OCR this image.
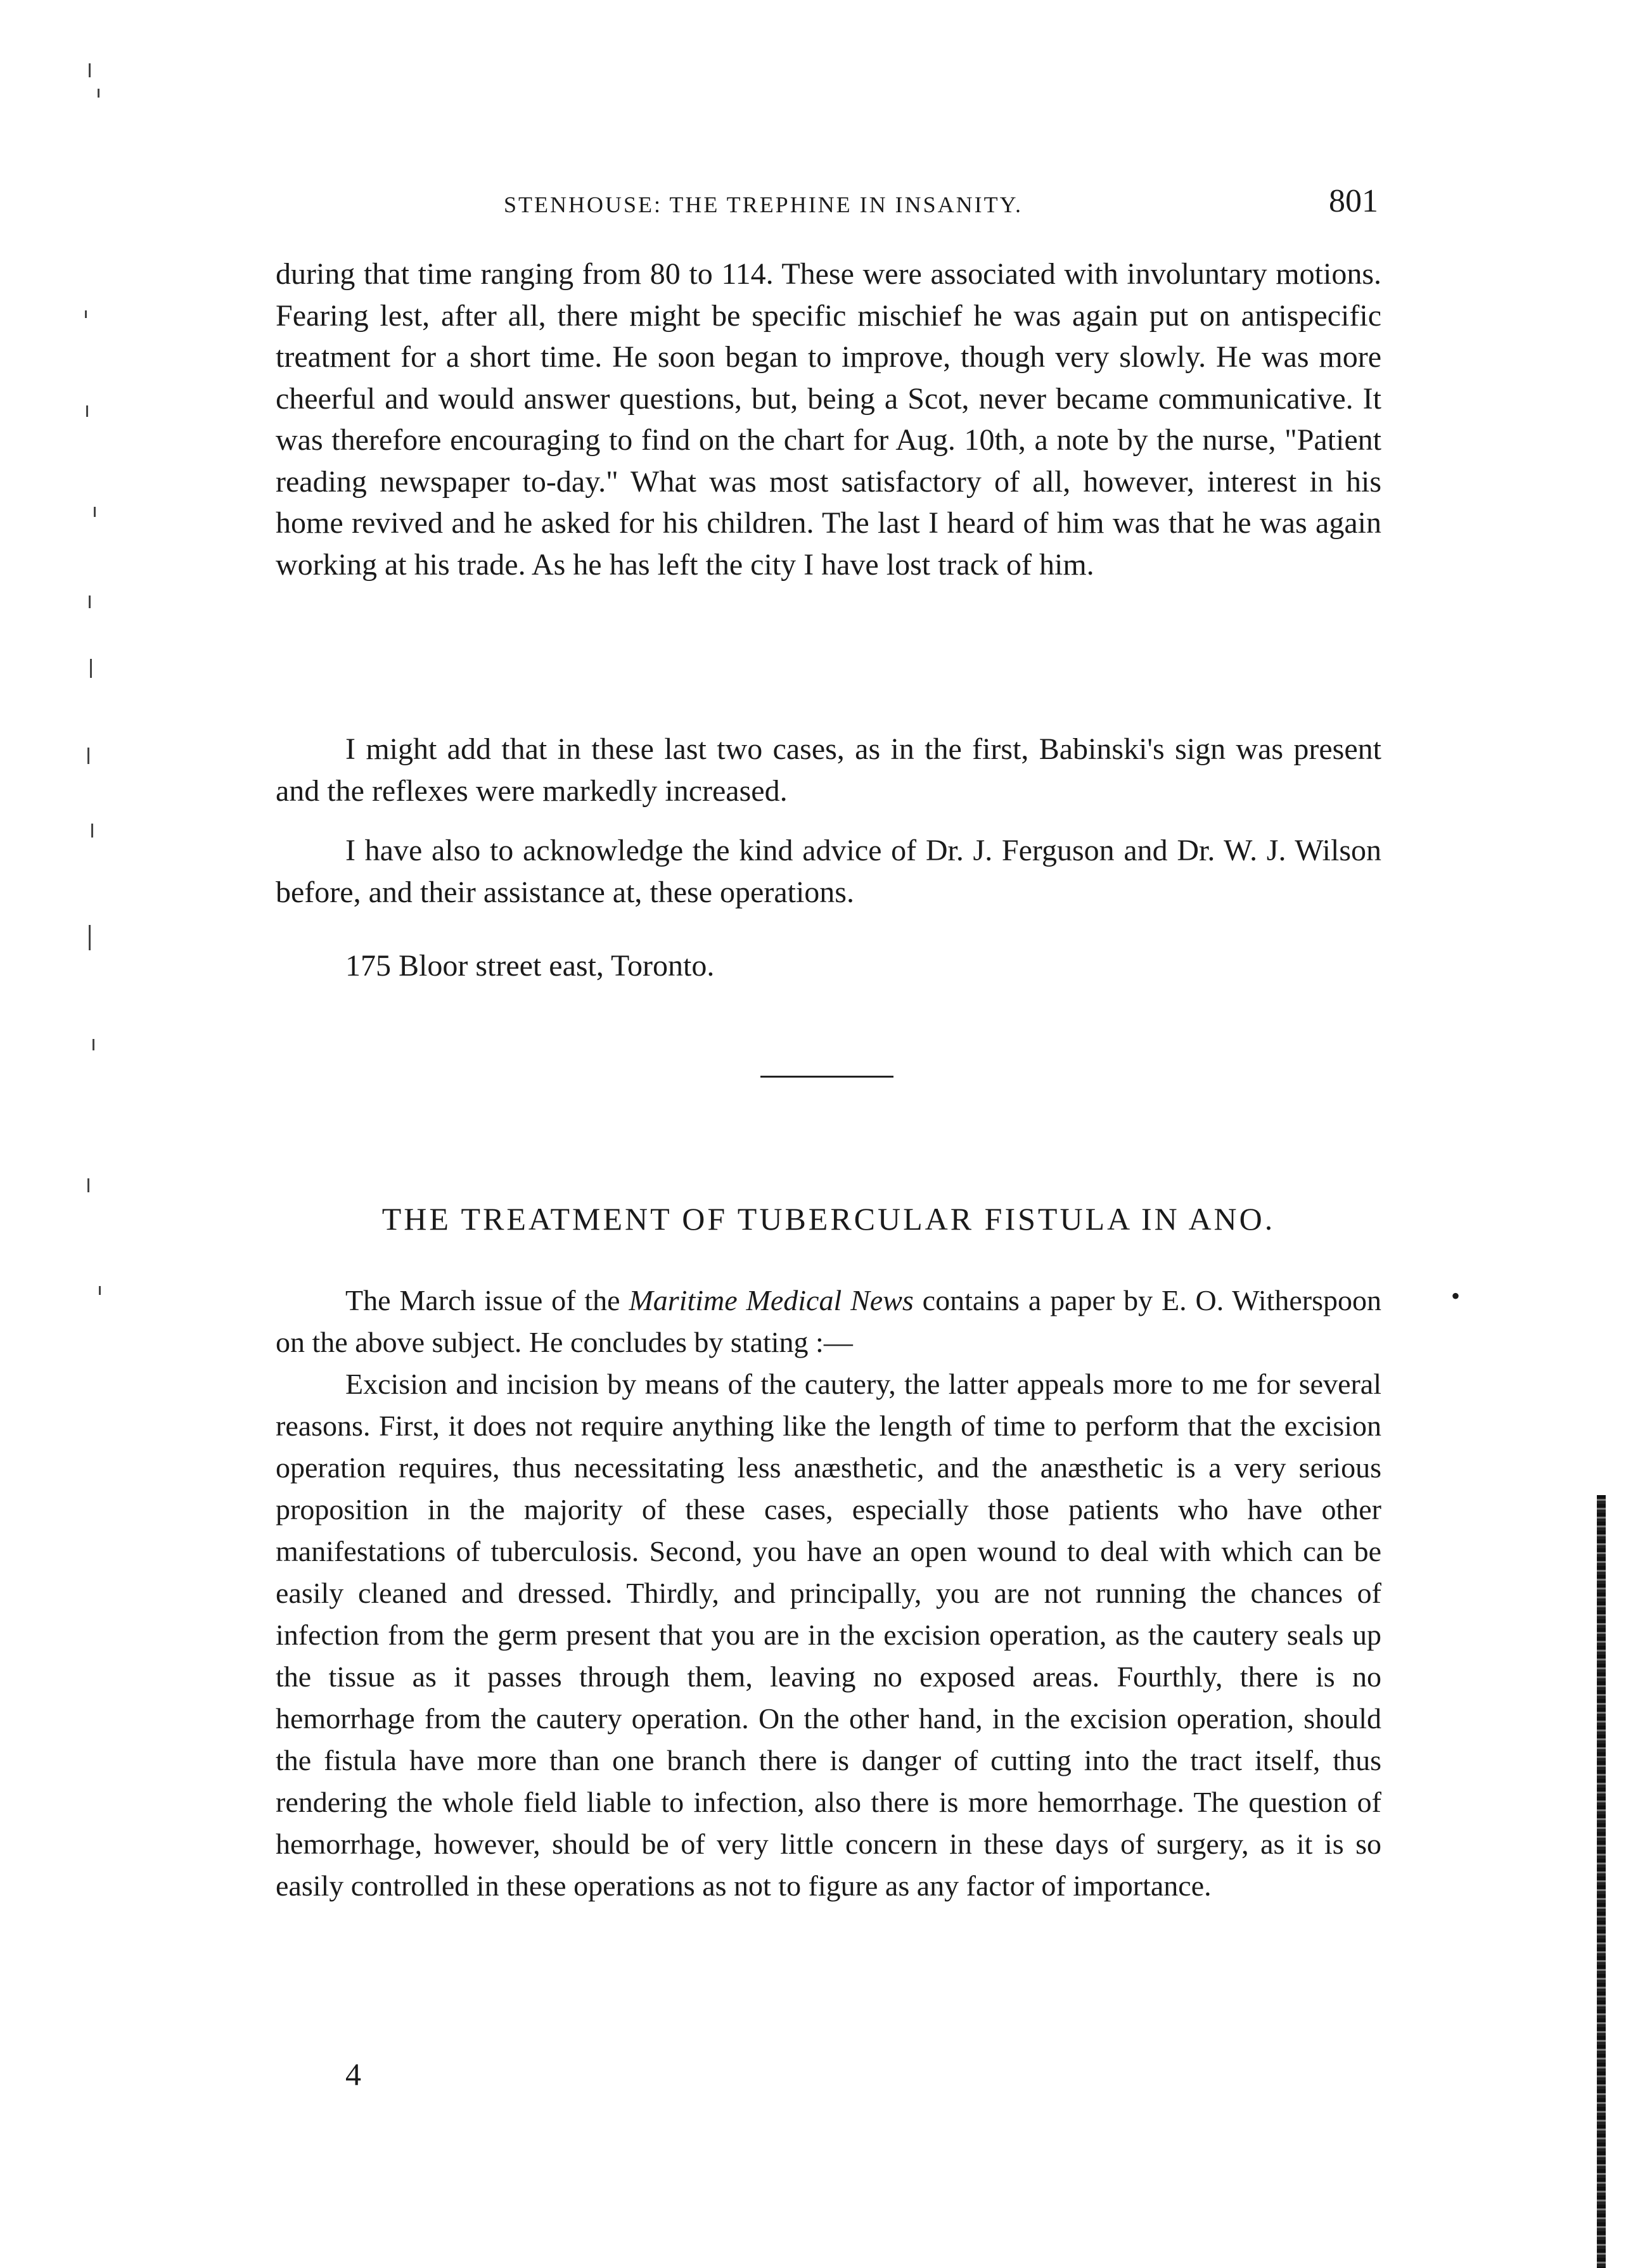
STENHOUSE: THE TREPHINE IN INSANITY.	801

during that time ranging from 80 to 114. These were associated with involuntary motions. Fearing lest, after all, there might be specific mischief he was again put on antispecific treatment for a short time. He soon began to improve, though very slowly. He was more cheerful and would answer questions, but, being a Scot, never became communicative. It was therefore encouraging to find on the chart for Aug. 10th, a note by the nurse, "Patient reading newspaper to-day." What was most satisfactory of all, however, interest in his home revived and he asked for his children. The last I heard of him was that he was again working at his trade. As he has left the city I have lost track of him.

I might add that in these last two cases, as in the first, Babinski's sign was present and the reflexes were markedly increased.

I have also to acknowledge the kind advice of Dr. J. Ferguson and Dr. W. J. Wilson before, and their assistance at, these operations.

175 Bloor street east, Toronto.

THE TREATMENT OF TUBERCULAR FISTULA IN ANO.

The March issue of the Maritime Medical News contains a paper by E. O. Witherspoon on the above subject. He concludes by stating :—

•

Excision and incision by means of the cautery, the latter appeals more to me for several reasons. First, it does not require anything like the length of time to perform that the excision operation requires, thus necessitating less anæsthetic, and the anæsthetic is a very serious proposition in the majority of these cases, especially those patients who have other manifestations of tuberculosis. Second, you have an open wound to deal with which can be easily cleaned and dressed. Thirdly, and principally, you are not running the chances of infection from the germ present that you are in the excision operation, as the cautery seals up the tissue as it passes through them, leaving no exposed areas. Fourthly, there is no hemorrhage from the cautery operation. On the other hand, in the excision operation, should the fistula have more than one branch there is danger of cutting into the tract itself, thus rendering the whole field liable to infection, also there is more hemorrhage. The question of hemorrhage, however, should be of very little concern in these days of surgery, as it is so easily controlled in these operations as not to figure as any factor of importance.

4
